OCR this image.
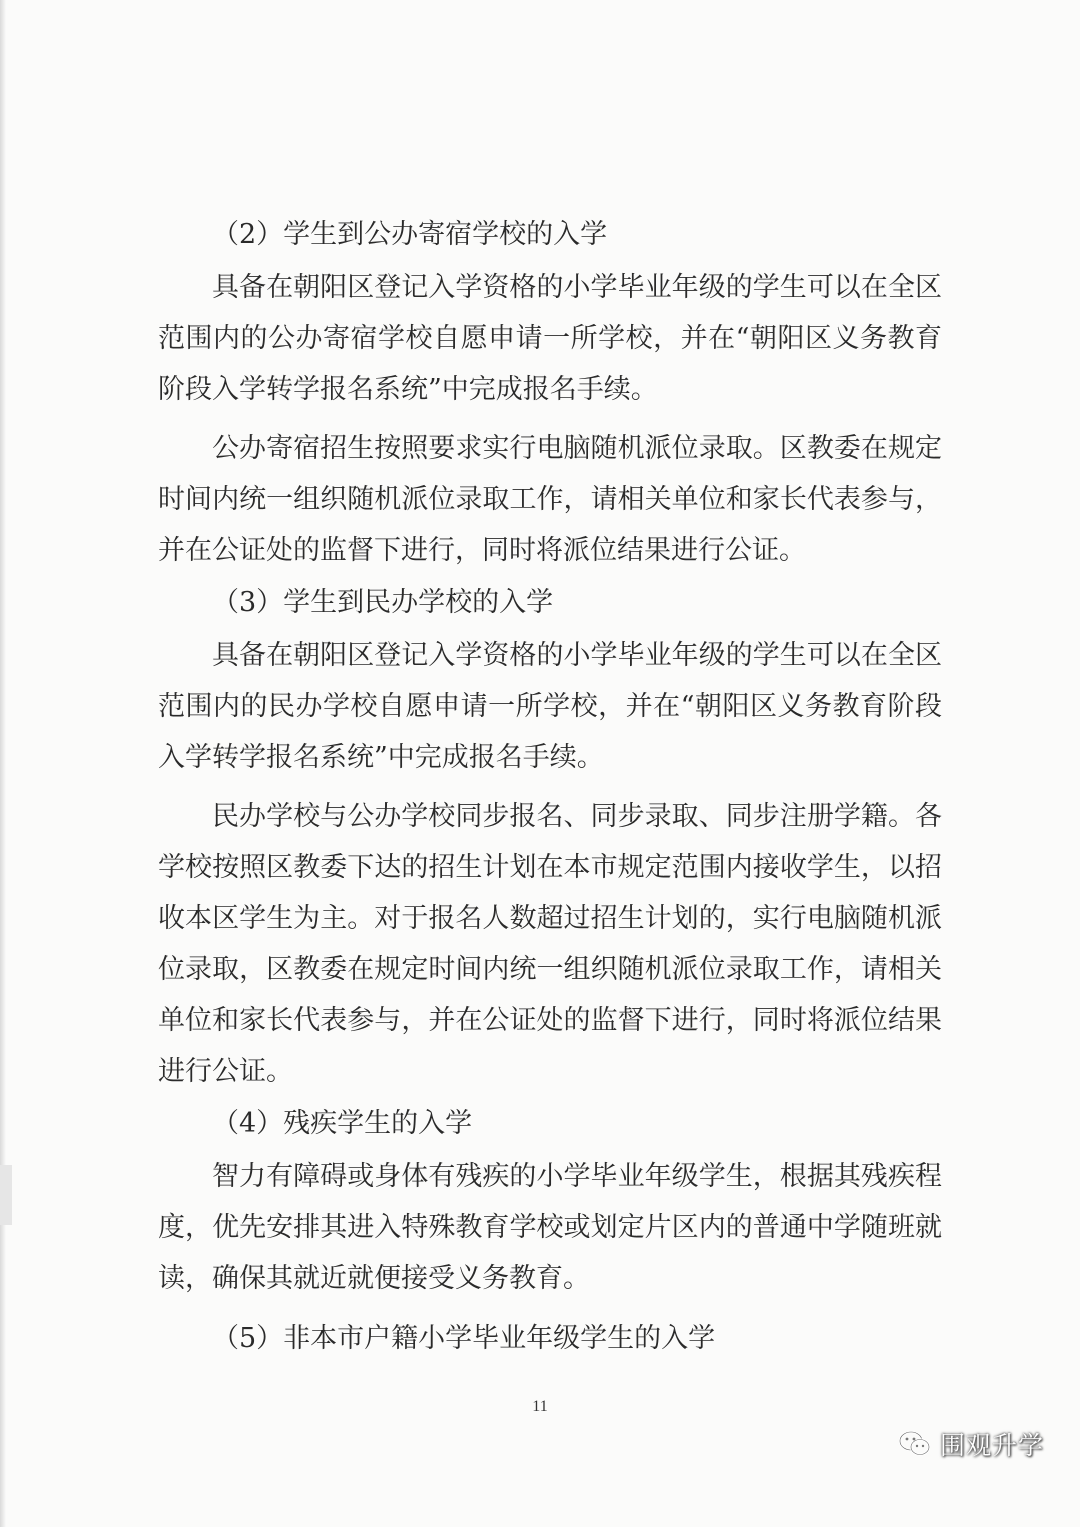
（2）学生到公办寄宿学校的入学

具备在朝阳区登记入学资格的小学毕业年级的学生可以在全区范围内的公办寄宿学校自愿申请一所学校，并在“朝阳区义务教育阶段入学转学报名系统”中完成报名手续。

公办寄宿招生按照要求实行电脑随机派位录取。区教委在规定时间内统一组织随机派位录取工作，请相关单位和家长代表参与，并在公证处的监督下进行，同时将派位结果进行公证。

（3）学生到民办学校的入学

具备在朝阳区登记入学资格的小学毕业年级的学生可以在全区范围内的民办学校自愿申请一所学校，并在“朝阳区义务教育阶段入学转学报名系统”中完成报名手续。

民办学校与公办学校同步报名、同步录取、同步注册学籍。各学校按照区教委下达的招生计划在本市规定范围内接收学生，以招收本区学生为主。对于报名人数超过招生计划的，实行电脑随机派位录取，区教委在规定时间内统一组织随机派位录取工作，请相关单位和家长代表参与，并在公证处的监督下进行，同时将派位结果进行公证。

（4）残疾学生的入学

智力有障碍或身体有残疾的小学毕业年级学生，根据其残疾程度，优先安排其进入特殊教育学校或划定片区内的普通中学随班就读，确保其就近就便接受义务教育。

（5）非本市户籍小学毕业年级学生的入学

11
围观升学
